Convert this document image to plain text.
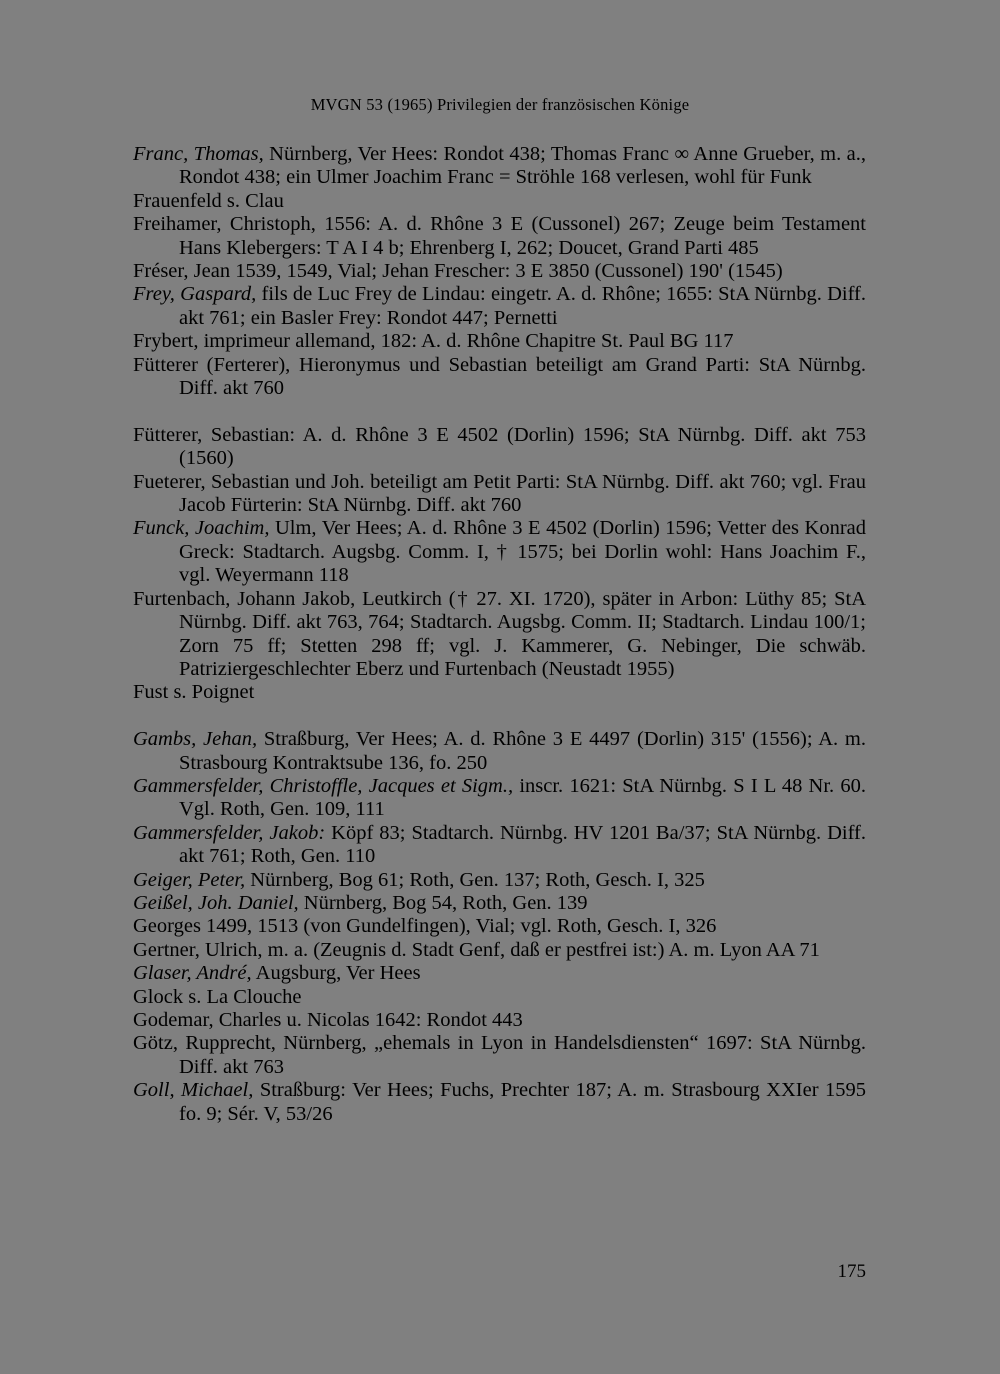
MVGN 53 (1965) Privilegien der französischen Könige
Franc, Thomas, Nürnberg, Ver Hees: Rondot 438; Thomas Franc ∞ Anne Grueber, m. a., Rondot 438; ein Ulmer Joachim Franc = Ströhle 168 verlesen, wohl für Funk
Frauenfeld s. Clau
Freihamer, Christoph, 1556: A. d. Rhône 3 E (Cussonel) 267; Zeuge beim Testament Hans Klebergers: T A I 4 b; Ehrenberg I, 262; Doucet, Grand Parti 485
Fréser, Jean 1539, 1549, Vial; Jehan Frescher: 3 E 3850 (Cussonel) 190' (1545)
Frey, Gaspard, fils de Luc Frey de Lindau: eingetr. A. d. Rhône; 1655: StA Nürnbg. Diff. akt 761; ein Basler Frey: Rondot 447; Pernetti
Frybert, imprimeur allemand, 182: A. d. Rhône Chapitre St. Paul BG 117
Fütterer (Ferterer), Hieronymus und Sebastian beteiligt am Grand Parti: StA Nürnbg. Diff. akt 760
Fütterer, Sebastian: A. d. Rhône 3 E 4502 (Dorlin) 1596; StA Nürnbg. Diff. akt 753 (1560)
Fueterer, Sebastian und Joh. beteiligt am Petit Parti: StA Nürnbg. Diff. akt 760; vgl. Frau Jacob Fürterin: StA Nürnbg. Diff. akt 760
Funck, Joachim, Ulm, Ver Hees; A. d. Rhône 3 E 4502 (Dorlin) 1596; Vetter des Konrad Greck: Stadtarch. Augsbg. Comm. I, † 1575; bei Dorlin wohl: Hans Joachim F., vgl. Weyermann 118
Furtenbach, Johann Jakob, Leutkirch († 27. XI. 1720), später in Arbon: Lüthy 85; StA Nürnbg. Diff. akt 763, 764; Stadtarch. Augsbg. Comm. II; Stadtarch. Lindau 100/1; Zorn 75 ff; Stetten 298 ff; vgl. J. Kammerer, G. Nebinger, Die schwäb. Patriziergeschlechter Eberz und Furtenbach (Neustadt 1955)
Fust s. Poignet
Gambs, Jehan, Straßburg, Ver Hees; A. d. Rhône 3 E 4497 (Dorlin) 315' (1556); A. m. Strasbourg Kontraktsube 136, fo. 250
Gammersfelder, Christoffle, Jacques et Sigm., inscr. 1621: StA Nürnbg. S I L 48 Nr. 60. Vgl. Roth, Gen. 109, 111
Gammersfelder, Jakob: Köpf 83; Stadtarch. Nürnbg. HV 1201 Ba/37; StA Nürnbg. Diff. akt 761; Roth, Gen. 110
Geiger, Peter, Nürnberg, Bog 61; Roth, Gen. 137; Roth, Gesch. I, 325
Geißel, Joh. Daniel, Nürnberg, Bog 54, Roth, Gen. 139
Georges 1499, 1513 (von Gundelfingen), Vial; vgl. Roth, Gesch. I, 326
Gertner, Ulrich, m. a. (Zeugnis d. Stadt Genf, daß er pestfrei ist:) A. m. Lyon AA 71
Glaser, André, Augsburg, Ver Hees
Glock s. La Clouche
Godemar, Charles u. Nicolas 1642: Rondot 443
Götz, Rupprecht, Nürnberg, „ehemals in Lyon in Handelsdiensten“ 1697: StA Nürnbg. Diff. akt 763
Goll, Michael, Straßburg: Ver Hees; Fuchs, Prechter 187; A. m. Strasbourg XXIer 1595 fo. 9; Sér. V, 53/26
175
